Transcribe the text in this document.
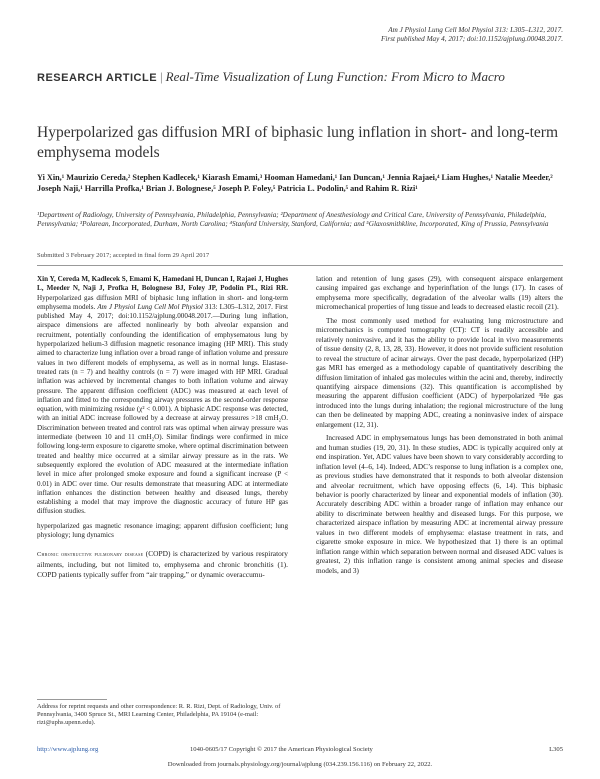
Am J Physiol Lung Cell Mol Physiol 313: L305–L312, 2017.
First published May 4, 2017; doi:10.1152/ajplung.00048.2017.
RESEARCH ARTICLE | Real-Time Visualization of Lung Function: From Micro to Macro
Hyperpolarized gas diffusion MRI of biphasic lung inflation in short- and long-term emphysema models
Yi Xin,¹ Maurizio Cereda,² Stephen Kadlecek,¹ Kiarash Emami,³ Hooman Hamedani,¹ Ian Duncan,¹ Jennia Rajaei,⁴ Liam Hughes,¹ Natalie Meeder,² Joseph Naji,¹ Harrilla Profka,¹ Brian J. Bolognese,⁵ Joseph P. Foley,⁵ Patricia L. Podolin,⁵ and Rahim R. Rizi¹
¹Department of Radiology, University of Pennsylvania, Philadelphia, Pennsylvania; ²Department of Anesthesiology and Critical Care, University of Pennsylvania, Philadelphia, Pennsylvania; ³Polarean, Incorporated, Durham, North Carolina; ⁴Stanford University, Stanford, California; and ⁵Glaxosmithkline, Incorporated, King of Prussia, Pennsylvania
Submitted 3 February 2017; accepted in final form 29 April 2017
Xin Y, Cereda M, Kadlecek S, Emami K, Hamedani H, Duncan I, Rajaei J, Hughes L, Meeder N, Naji J, Profka H, Bolognese BJ, Foley JP, Podolin PL, Rizi RR. Hyperpolarized gas diffusion MRI of biphasic lung inflation in short- and long-term emphysema models. Am J Physiol Lung Cell Mol Physiol 313: L305–L312, 2017. First published May 4, 2017; doi:10.1152/ajplung.00048.2017.—During lung inflation, airspace dimensions are affected nonlinearly by both alveolar expansion and recruitment, potentially confounding the identification of emphysematous lung by hyperpolarized helium-3 diffusion magnetic resonance imaging (HP MRI). This study aimed to characterize lung inflation over a broad range of inflation volume and pressure values in two different models of emphysema, as well as in normal lungs. Elastase-treated rats (n = 7) and healthy controls (n = 7) were imaged with HP MRI. Gradual inflation was achieved by incremental changes to both inflation volume and airway pressure. The apparent diffusion coefficient (ADC) was measured at each level of inflation and fitted to the corresponding airway pressures as the second-order response equation, with minimizing residue (χ² < 0.001). A biphasic ADC response was detected, with an initial ADC increase followed by a decrease at airway pressures >18 cmH₂O. Discrimination between treated and control rats was optimal when airway pressure was intermediate (between 10 and 11 cmH₂O). Similar findings were confirmed in mice following long-term exposure to cigarette smoke, where optimal discrimination between treated and healthy mice occurred at a similar airway pressure as in the rats. We subsequently explored the evolution of ADC measured at the intermediate inflation level in mice after prolonged smoke exposure and found a significant increase (P < 0.01) in ADC over time. Our results demonstrate that measuring ADC at intermediate inflation enhances the distinction between healthy and diseased lungs, thereby establishing a model that may improve the diagnostic accuracy of future HP gas diffusion studies.
hyperpolarized gas magnetic resonance imaging; apparent diffusion coefficient; lung physiology; lung dynamics
Chronic obstructive pulmonary disease (COPD) is characterized by various respiratory ailments, including, but not limited to, emphysema and chronic bronchitis (1). COPD patients typically suffer from “air trapping,” or dynamic overaccumu-
lation and retention of lung gases (29), with consequent airspace enlargement causing impaired gas exchange and hyperinflation of the lungs (17). In cases of emphysema more specifically, degradation of the alveolar walls (19) alters the micromechanical properties of lung tissue and leads to decreased elastic recoil (21).
The most commonly used method for evaluating lung microstructure and micromechanics is computed tomography (CT): CT is readily accessible and relatively noninvasive, and it has the ability to provide local in vivo measurements of tissue density (2, 8, 13, 28, 33). However, it does not provide sufficient resolution to reveal the structure of acinar airways. Over the past decade, hyperpolarized (HP) gas MRI has emerged as a methodology capable of quantitatively describing the diffusion limitation of inhaled gas molecules within the acini and, thereby, indirectly quantifying airspace dimensions (32). This quantification is accomplished by measuring the apparent diffusion coefficient (ADC) of hyperpolarized ³He gas introduced into the lungs during inhalation; the regional microstructure of the lung can then be delineated by mapping ADC, creating a noninvasive index of airspace enlargement (12, 31).
Increased ADC in emphysematous lungs has been demonstrated in both animal and human studies (19, 20, 31). In these studies, ADC is typically acquired only at end inspiration. Yet, ADC values have been shown to vary considerably according to inflation level (4–6, 14). Indeed, ADC’s response to lung inflation is a complex one, as previous studies have demonstrated that it responds to both alveolar distension and alveolar recruitment, which have opposing effects (6, 14). This biphasic behavior is poorly characterized by linear and exponential models of inflation (30). Accurately describing ADC within a broader range of inflation may enhance our ability to discriminate between healthy and diseased lungs. For this purpose, we characterized airspace inflation by measuring ADC at incremental airway pressure values in two different models of emphysema: elastase treatment in rats, and cigarette smoke exposure in mice. We hypothesized that 1) there is an optimal inflation range within which separation between normal and diseased ADC values is greatest, 2) this inflation range is consistent among animal species and disease models, and 3)
Address for reprint requests and other correspondence: R. R. Rizi, Dept. of Radiology, Univ. of Pennsylvania, 3400 Spruce St., MRI Learning Center, Philadelphia, PA 19104 (e-mail: rizi@uphs.upenn.edu).
http://www.ajplung.org	1040-0605/17 Copyright © 2017 the American Physiological Society	L305
Downloaded from journals.physiology.org/journal/ajplung (034.239.156.116) on February 22, 2022.
